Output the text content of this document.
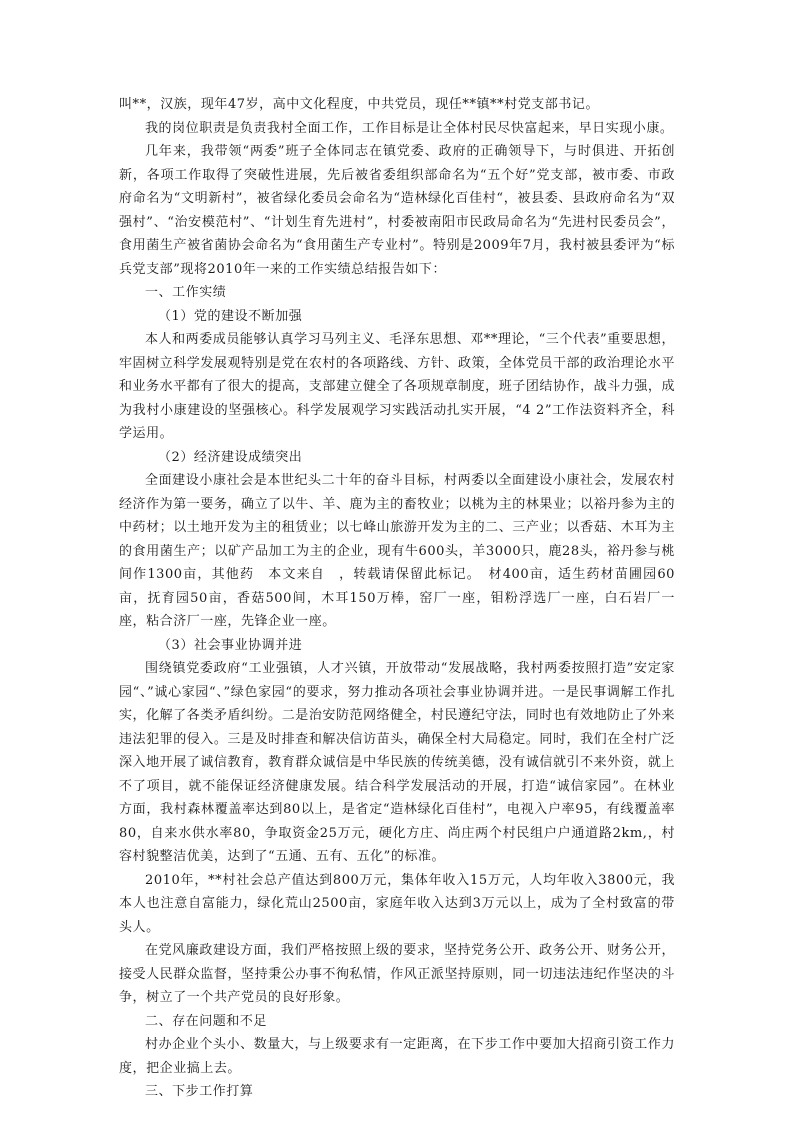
叫**，汉族，现年47岁，高中文化程度，中共党员，现任**镇**村党支部书记。

我的岗位职责是负责我村全面工作，工作目标是让全体村民尽快富起来，早日实现小康。

几年来，我带领“两委”班子全体同志在镇党委、政府的正确领导下，与时俱进、开拓创新，各项工作取得了突破性进展，先后被省委组织部命名为“五个好”党支部，被市委、市政府命名为“文明新村”，被省绿化委员会命名为“造林绿化百佳村“，被县委、县政府命名为“双强村”、“治安模范村”、“计划生育先进村”，村委被南阳市民政局命名为“先进村民委员会”，食用菌生产被省菌协会命名为“食用菌生产专业村”。特别是2009年7月，我村被县委评为“标兵党支部”现将2010年一来的工作实绩总结报告如下：

一、工作实绩

（1）党的建设不断加强

本人和两委成员能够认真学习马列主义、毛泽东思想、邓**理论，“三个代表”重要思想，牢固树立科学发展观特别是党在农村的各项路线、方针、政策，全体党员干部的政治理论水平和业务水平都有了很大的提高，支部建立健全了各项规章制度，班子团结协作，战斗力强，成为我村小康建设的坚强核心。科学发展观学习实践活动扎实开展，“4 2”工作法资料齐全，科学运用。

（2）经济建设成绩突出

全面建设小康社会是本世纪头二十年的奋斗目标，村两委以全面建设小康社会，发展农村经济作为第一要务，确立了以牛、羊、鹿为主的畜牧业；以桃为主的林果业；以裕丹参为主的中药材；以土地开发为主的租赁业；以七峰山旅游开发为主的二、三产业；以香菇、木耳为主的食用菌生产；以矿产品加工为主的企业，现有牛600头，羊3000只，鹿28头，裕丹参与桃间作1300亩，其他药　本文来自　，转载请保留此标记。　材400亩，适生药材苗圃园60亩，抚育园50亩，香菇500间，木耳150万棒，窑厂一座，钼粉浮选厂一座，白石岩厂一座，粘合济厂一座，先锋企业一座。

（3）社会事业协调并进

围绕镇党委政府“工业强镇，人才兴镇，开放带动“发展战略，我村两委按照打造”安定家园“、”诚心家园“、”绿色家园“的要求，努力推动各项社会事业协调并进。一是民事调解工作扎实，化解了各类矛盾纠纷。二是治安防范网络健全，村民遵纪守法，同时也有效地防止了外来违法犯罪的侵入。三是及时排查和解决信访苗头，确保全村大局稳定。同时，我们在全村广泛深入地开展了诚信教育，教育群众诚信是中华民族的传统美德，没有诚信就引不来外资，就上不了项目，就不能保证经济健康发展。结合科学发展活动的开展，打造“诚信家园”。在林业方面，我村森林覆盖率达到80以上，是省定“造林绿化百佳村”，电视入户率95，有线覆盖率80，自来水供水率80，争取资金25万元，硬化方庄、尚庄两个村民组户户通道路2km,，村容村貌整洁优美，达到了“五通、五有、五化”的标准。

2010年，**村社会总产值达到800万元，集体年收入15万元，人均年收入3800元，我本人也注意自富能力，绿化荒山2500亩，家庭年收入达到3万元以上，成为了全村致富的带头人。

在党风廉政建设方面，我们严格按照上级的要求，坚持党务公开、政务公开、财务公开，接受人民群众监督，坚持秉公办事不徇私情，作风正派坚持原则，同一切违法违纪作坚决的斗争，树立了一个共产党员的良好形象。

二、存在问题和不足

村办企业个头小、数量大，与上级要求有一定距离，在下步工作中要加大招商引资工作力度，把企业搞上去。

三、下步工作打算
